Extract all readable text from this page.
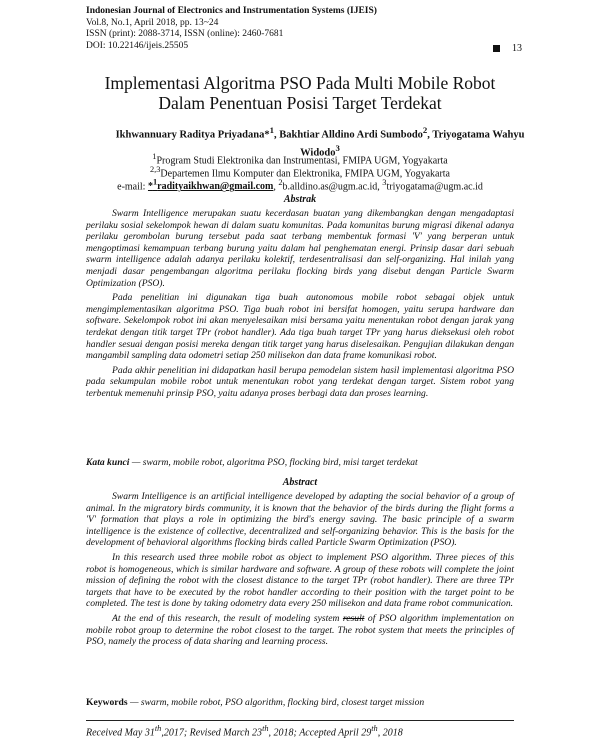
Indonesian Journal of Electronics and Instrumentation Systems (IJEIS)
Vol.8, No.1, April 2018, pp. 13~24
ISSN (print): 2088-3714, ISSN (online): 2460-7681
DOI: 10.22146/ijeis.25505	13
Implementasi Algoritma PSO Pada Multi Mobile Robot
Dalam Penentuan Posisi Target Terdekat
Ikhwannuary Raditya Priyadana*$^1$, Bakhtiar Alldino Ardi Sumbodo$^2$, Triyogatama Wahyu Widodo$^3$
$^1$Program Studi Elektronika dan Instrumentasi, FMIPA UGM, Yogyakarta
$^{2,3}$Departemen Ilmu Komputer dan Elektronika, FMIPA UGM, Yogyakarta
e-mail: *$^1$radityaikhwan@gmail.com, $^2$b.alldino.as@ugm.ac.id, $^3$triyogatama@ugm.ac.id
Abstrak

Swarm Intelligence merupakan suatu kecerdasan buatan yang dikembangkan dengan mengadaptasi perilaku sosial sekelompok hewan di dalam suatu komunitas. Pada komunitas burung migrasi dikenal adanya perilaku gerombolan burung tersebut pada saat terbang membentuk formasi 'V' yang berperan untuk mengoptimasi kemampuan terbang burung yaitu dalam hal penghematan energi. Prinsip dasar dari sebuah swarm intelligence adalah adanya perilaku kolektif, terdesentralisasi dan self-organizing. Hal inilah yang menjadi dasar pengembangan algoritma perilaku flocking birds yang disebut dengan Particle Swarm Optimization (PSO).

Pada penelitian ini digunakan tiga buah autonomous mobile robot sebagai objek untuk mengimplementasikan algoritma PSO. Tiga buah robot ini bersifat homogen, yaitu serupa hardware dan software. Sekelompok robot ini akan menyelesaikan misi bersama yaitu menentukan robot dengan jarak yang terdekat dengan titik target TPr (robot handler). Ada tiga buah target TPr yang harus dieksekusi oleh robot handler sesuai dengan posisi mereka dengan titik target yang harus diselesaikan. Pengujian dilakukan dengan mangambil sampling data odometri setiap 250 milisekon dan data frame komunikasi robot.

Pada akhir penelitian ini didapatkan hasil berupa pemodelan sistem hasil implementasi algoritma PSO pada sekumpulan mobile robot untuk menentukan robot yang terdekat dengan target. Sistem robot yang terbentuk memenuhi prinsip PSO, yaitu adanya proses berbagi data dan proses learning.

Kata kunci — swarm, mobile robot, algoritma PSO, flocking bird, misi target terdekat
Abstract

Swarm Intelligence is an artificial intelligence developed by adapting the social behavior of a group of animal. In the migratory birds community, it is known that the behavior of the birds during the flight forms a 'V' formation that plays a role in optimizing the bird's energy saving. The basic principle of a swarm intelligence is the existence of collective, decentralized and self-organizing behavior. This is the basis for the development of behavioral algorithms flocking birds called Particle Swarm Optimization (PSO).

In this research used three mobile robot as object to implement PSO algorithm. Three pieces of this robot is homogeneous, which is similar hardware and software. A group of these robots will complete the joint mission of defining the robot with the closest distance to the target TPr (robot handler). There are three TPr targets that have to be executed by the robot handler according to their position with the target point to be completed. The test is done by taking odometry data every 250 milisekon and data frame robot communication.

At the end of this research, the result of modeling system result of PSO algorithm implementation on mobile robot group to determine the robot closest to the target. The robot system that meets the principles of PSO, namely the process of data sharing and learning process.

Keywords — swarm, mobile robot, PSO algorithm, flocking bird, closest target mission
Received May 31th,2017; Revised March 23th, 2018; Accepted April 29th, 2018
